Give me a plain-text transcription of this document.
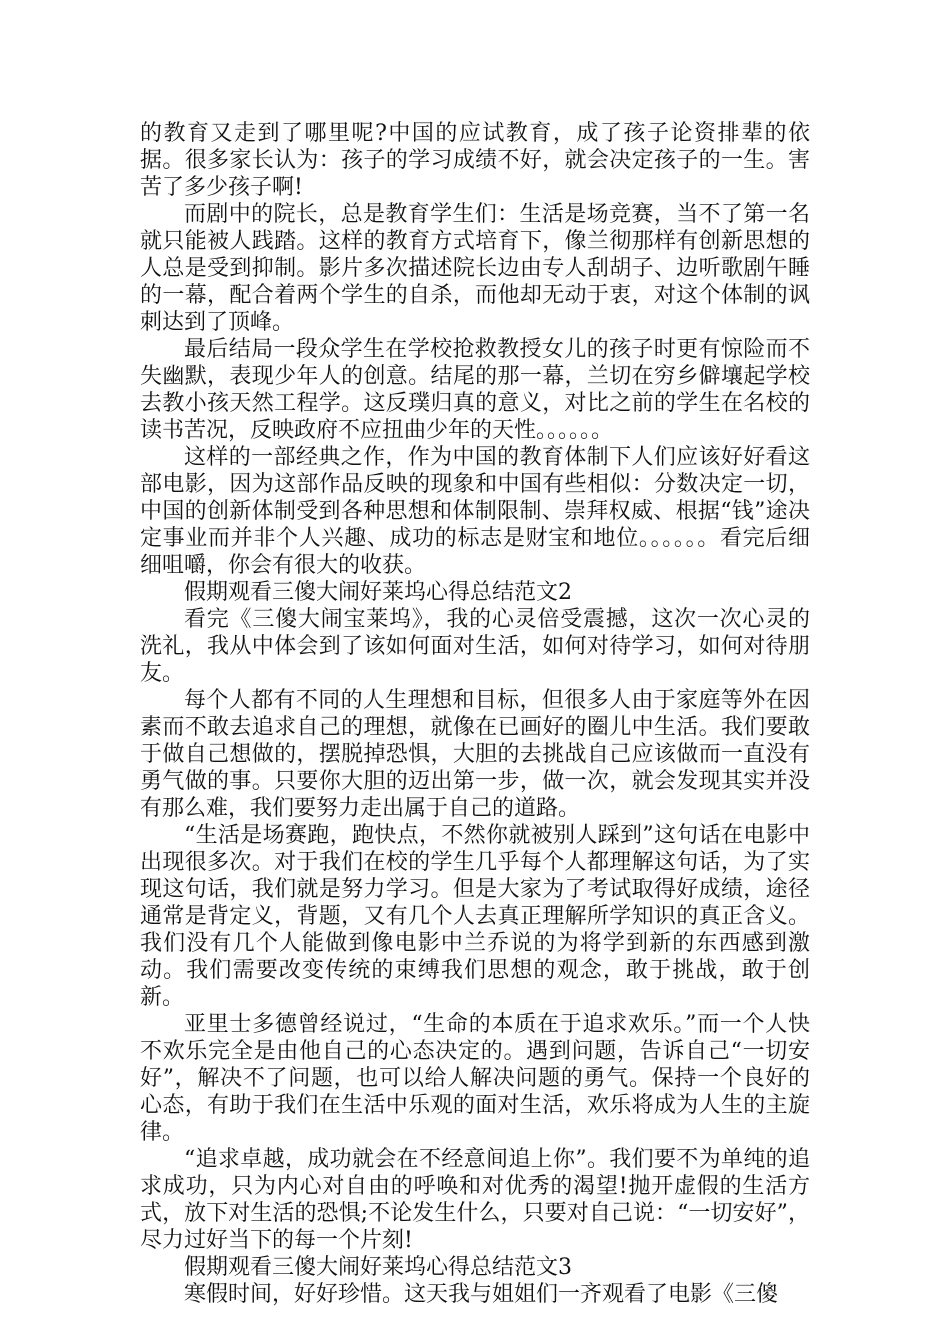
的教育又走到了哪里呢?中国的应试教育，成了孩子论资排辈的依据。很多家长认为：孩子的学习成绩不好，就会决定孩子的一生。害苦了多少孩子啊!

而剧中的院长，总是教育学生们：生活是场竞赛，当不了第一名就只能被人践踏。这样的教育方式培育下，像兰彻那样有创新思想的人总是受到抑制。影片多次描述院长边由专人刮胡子、边听歌剧午睡的一幕，配合着两个学生的自杀，而他却无动于衷，对这个体制的讽刺达到了顶峰。

最后结局一段众学生在学校抢救教授女儿的孩子时更有惊险而不失幽默，表现少年人的创意。结尾的那一幕，兰切在穷乡僻壤起学校去教小孩天然工程学。这反璞归真的意义，对比之前的学生在名校的读书苦况，反映政府不应扭曲少年的天性。。。。。。

这样的一部经典之作，作为中国的教育体制下人们应该好好看这部电影，因为这部作品反映的现象和中国有些相似：分数决定一切，中国的创新体制受到各种思想和体制限制、崇拜权威、根据“钱”途决定事业而并非个人兴趣、成功的标志是财宝和地位。。。。。。看完后细细咀嚼，你会有很大的收获。

假期观看三傻大闹好莱坞心得总结范文2

看完《三傻大闹宝莱坞》，我的心灵倍受震撼，这次一次心灵的洗礼，我从中体会到了该如何面对生活，如何对待学习，如何对待朋友。

每个人都有不同的人生理想和目标，但很多人由于家庭等外在因素而不敢去追求自己的理想，就像在已画好的圈儿中生活。我们要敢于做自己想做的，摆脱掉恐惧，大胆的去挑战自己应该做而一直没有勇气做的事。只要你大胆的迈出第一步，做一次，就会发现其实并没有那么难，我们要努力走出属于自己的道路。

“生活是场赛跑，跑快点，不然你就被别人踩到”这句话在电影中出现很多次。对于我们在校的学生几乎每个人都理解这句话，为了实现这句话，我们就是努力学习。但是大家为了考试取得好成绩，途径通常是背定义，背题，又有几个人去真正理解所学知识的真正含义。我们没有几个人能做到像电影中兰乔说的为将学到新的东西感到激动。我们需要改变传统的束缚我们思想的观念，敢于挑战，敢于创新。

亚里士多德曾经说过，“生命的本质在于追求欢乐。”而一个人快不欢乐完全是由他自己的心态决定的。遇到问题，告诉自己“一切安好”，解决不了问题，也可以给人解决问题的勇气。保持一个良好的心态，有助于我们在生活中乐观的面对生活，欢乐将成为人生的主旋律。

“追求卓越，成功就会在不经意间追上你”。我们要不为单纯的追求成功，只为内心对自由的呼唤和对优秀的渴望!抛开虚假的生活方式，放下对生活的恐惧;不论发生什么，只要对自己说：“一切安好”，尽力过好当下的每一个片刻!

假期观看三傻大闹好莱坞心得总结范文3

寒假时间，好好珍惜。这天我与姐姐们一齐观看了电影《三傻
